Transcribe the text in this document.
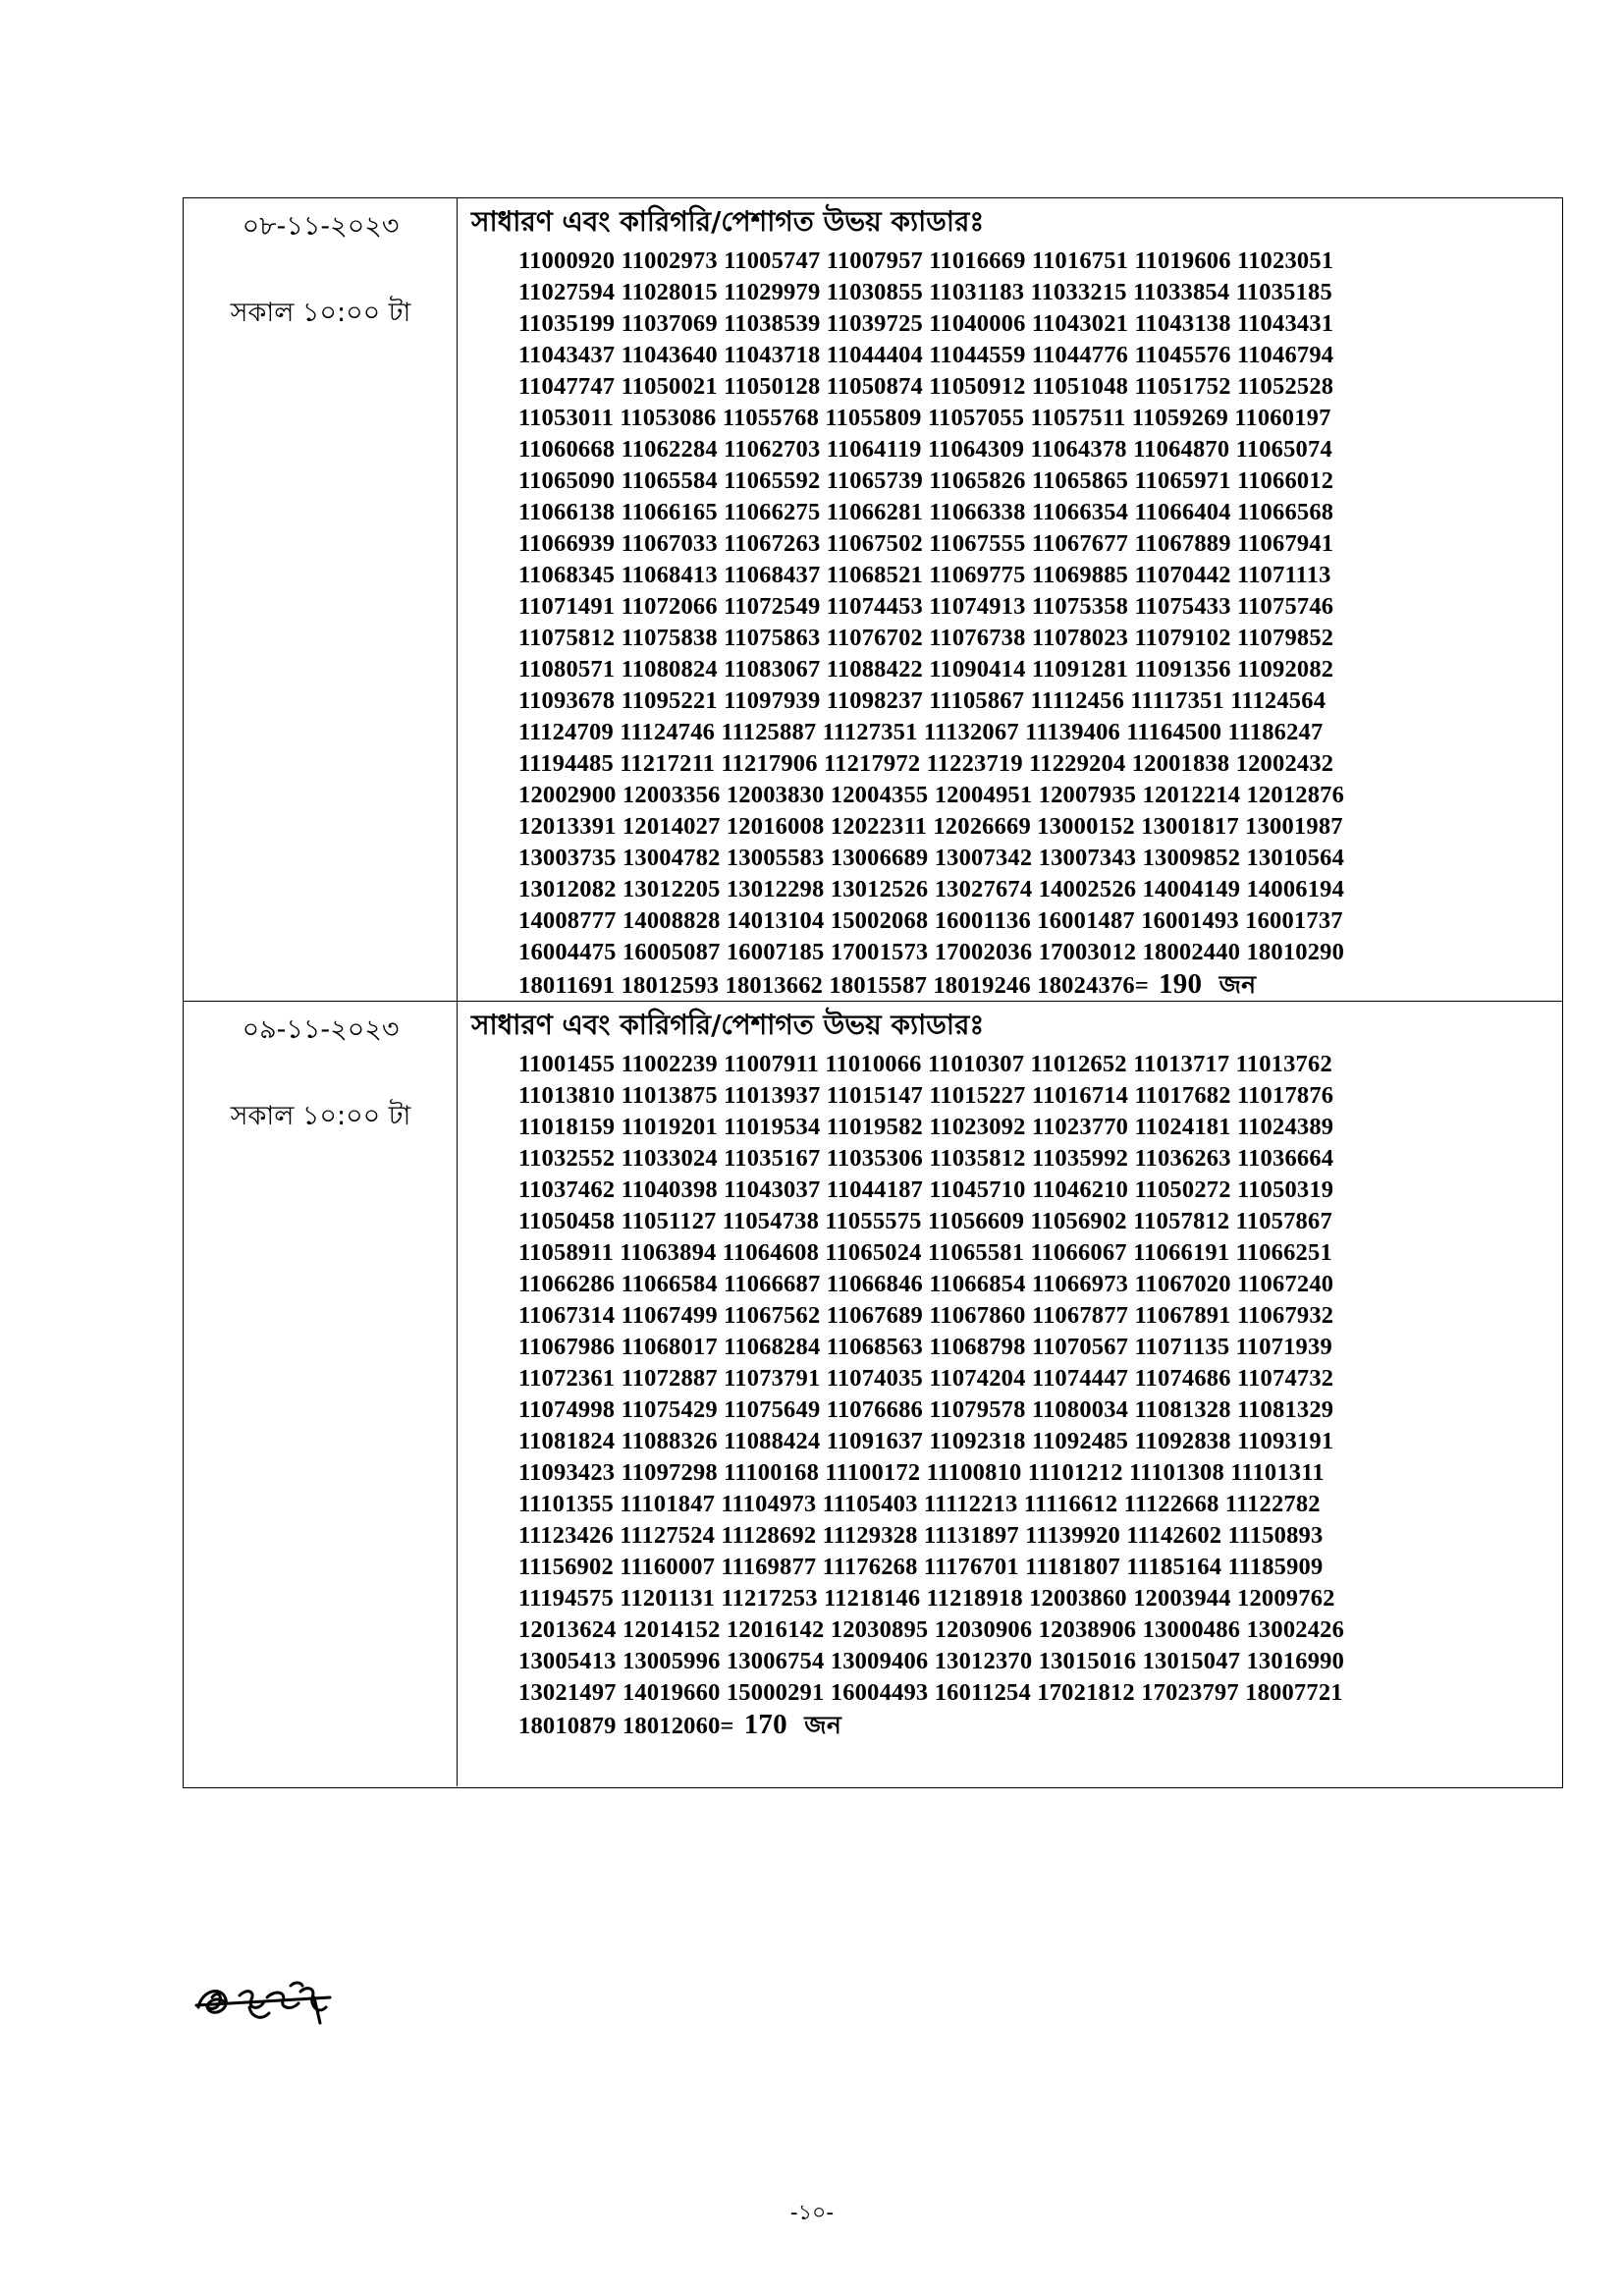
০৮-১১-২০২৩
সকাল ১০:০০ টা
সাধারণ এবং কারিগরি/পেশাগত উভয় ক্যাডারঃ
11000920 11002973 11005747 11007957 11016669 11016751 11019606 11023051
11027594 11028015 11029979 11030855 11031183 11033215 11033854 11035185
11035199 11037069 11038539 11039725 11040006 11043021 11043138 11043431
11043437 11043640 11043718 11044404 11044559 11044776 11045576 11046794
11047747 11050021 11050128 11050874 11050912 11051048 11051752 11052528
11053011 11053086 11055768 11055809 11057055 11057511 11059269 11060197
11060668 11062284 11062703 11064119 11064309 11064378 11064870 11065074
11065090 11065584 11065592 11065739 11065826 11065865 11065971 11066012
11066138 11066165 11066275 11066281 11066338 11066354 11066404 11066568
11066939 11067033 11067263 11067502 11067555 11067677 11067889 11067941
11068345 11068413 11068437 11068521 11069775 11069885 11070442 11071113
11071491 11072066 11072549 11074453 11074913 11075358 11075433 11075746
11075812 11075838 11075863 11076702 11076738 11078023 11079102 11079852
11080571 11080824 11083067 11088422 11090414 11091281 11091356 11092082
11093678 11095221 11097939 11098237 11105867 11112456 11117351 11124564
11124709 11124746 11125887 11127351 11132067 11139406 11164500 11186247
11194485 11217211 11217906 11217972 11223719 11229204 12001838 12002432
12002900 12003356 12003830 12004355 12004951 12007935 12012214 12012876
12013391 12014027 12016008 12022311 12026669 13000152 13001817 13001987
13003735 13004782 13005583 13006689 13007342 13007343 13009852 13010564
13012082 13012205 13012298 13012526 13027674 14002526 14004149 14006194
14008777 14008828 14013104 15002068 16001136 16001487 16001493 16001737
16004475 16005087 16007185 17001573 17002036 17003012 18002440 18010290
18011691 18012593 18013662 18015587 18019246 18024376= 190 জন
০৯-১১-২০২৩
সকাল ১০:০০ টা
সাধারণ এবং কারিগরি/পেশাগত উভয় ক্যাডারঃ
11001455 11002239 11007911 11010066 11010307 11012652 11013717 11013762
11013810 11013875 11013937 11015147 11015227 11016714 11017682 11017876
11018159 11019201 11019534 11019582 11023092 11023770 11024181 11024389
11032552 11033024 11035167 11035306 11035812 11035992 11036263 11036664
11037462 11040398 11043037 11044187 11045710 11046210 11050272 11050319
11050458 11051127 11054738 11055575 11056609 11056902 11057812 11057867
11058911 11063894 11064608 11065024 11065581 11066067 11066191 11066251
11066286 11066584 11066687 11066846 11066854 11066973 11067020 11067240
11067314 11067499 11067562 11067689 11067860 11067877 11067891 11067932
11067986 11068017 11068284 11068563 11068798 11070567 11071135 11071939
11072361 11072887 11073791 11074035 11074204 11074447 11074686 11074732
11074998 11075429 11075649 11076686 11079578 11080034 11081328 11081329
11081824 11088326 11088424 11091637 11092318 11092485 11092838 11093191
11093423 11097298 11100168 11100172 11100810 11101212 11101308 11101311
11101355 11101847 11104973 11105403 11112213 11116612 11122668 11122782
11123426 11127524 11128692 11129328 11131897 11139920 11142602 11150893
11156902 11160007 11169877 11176268 11176701 11181807 11185164 11185909
11194575 11201131 11217253 11218146 11218918 12003860 12003944 12009762
12013624 12014152 12016142 12030895 12030906 12038906 13000486 13002426
13005413 13005996 13006754 13009406 13012370 13015016 13015047 13016990
13021497 14019660 15000291 16004493 16011254 17021812 17023797 18007721
18010879 18012060= 170 জন
-১০-
